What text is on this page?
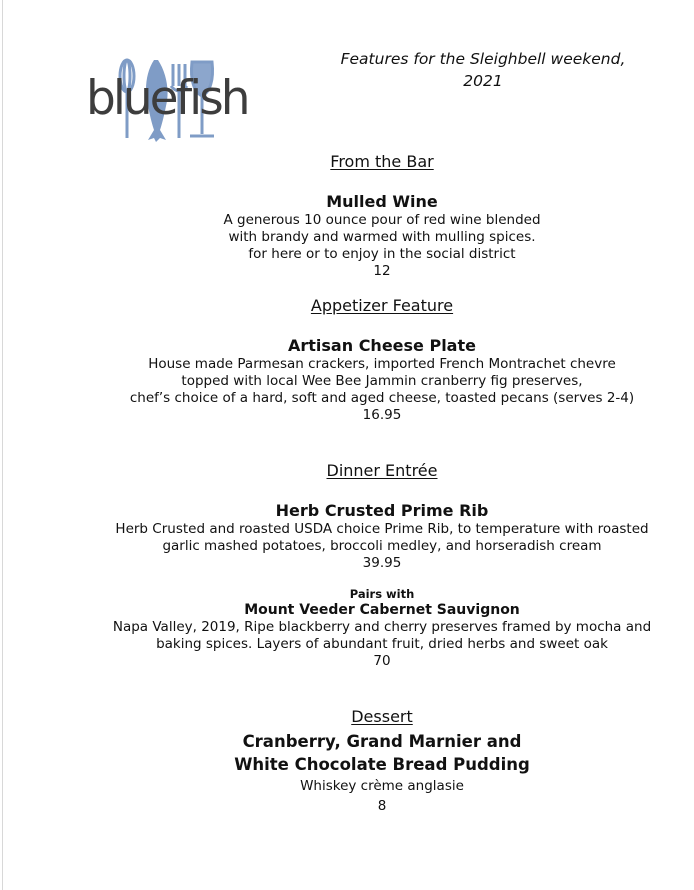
bluefish
Features for the Sleighbell weekend,
2021
From the Bar
Mulled Wine
A generous 10 ounce pour of red wine blended
with brandy and warmed with mulling spices.
for here or to enjoy in the social district
12
Appetizer Feature
Artisan Cheese Plate
House made Parmesan crackers, imported French Montrachet chevre
topped with local Wee Bee Jammin cranberry fig preserves,
chef’s choice of a hard, soft and aged cheese, toasted pecans (serves 2-4)
16.95
Dinner Entrée
Herb Crusted Prime Rib
Herb Crusted and roasted USDA choice Prime Rib, to temperature with roasted
garlic mashed potatoes, broccoli medley, and horseradish cream
39.95
Pairs with
Mount Veeder Cabernet Sauvignon
Napa Valley, 2019, Ripe blackberry and cherry preserves framed by mocha and
baking spices. Layers of abundant fruit, dried herbs and sweet oak
70
Dessert
Cranberry, Grand Marnier and
White Chocolate Bread Pudding
Whiskey crème anglasie
8
